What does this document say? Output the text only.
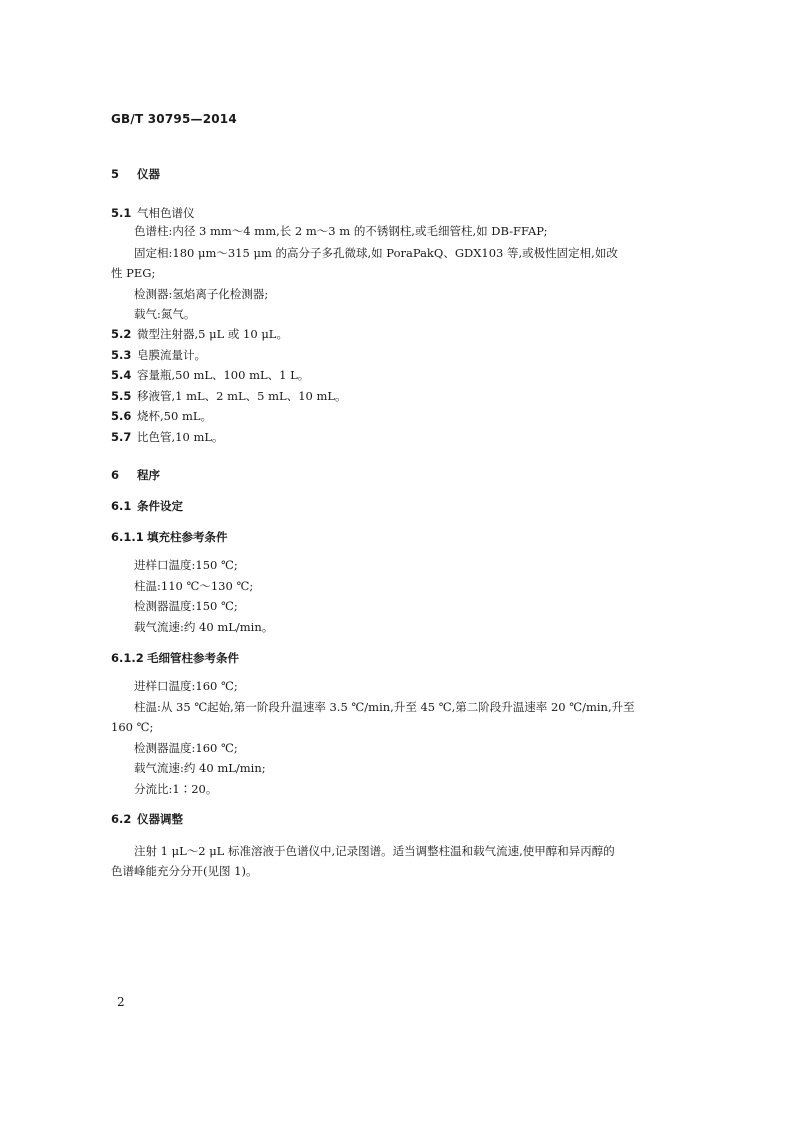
GB/T 30795—2014
5 仪器
5.1 气相色谱仪
色谱柱:内径 3 mm～4 mm,长 2 m～3 m 的不锈钢柱,或毛细管柱,如 DB-FFAP;
固定相:180 μm～315 μm 的高分子多孔微球,如 PoraPakQ、GDX103 等,或极性固定相,如改
性 PEG;
检测器:氢焰离子化检测器;
载气:氮气。
5.2 微型注射器,5 μL 或 10 μL。
5.3 皂膜流量计。
5.4 容量瓶,50 mL、100 mL、1 L。
5.5 移液管,1 mL、2 mL、5 mL、10 mL。
5.6 烧杯,50 mL。
5.7 比色管,10 mL。
6 程序
6.1 条件设定
6.1.1 填充柱参考条件
进样口温度:150 ℃;
柱温:110 ℃～130 ℃;
检测器温度:150 ℃;
载气流速:约 40 mL/min。
6.1.2 毛细管柱参考条件
进样口温度:160 ℃;
柱温:从 35 ℃起始,第一阶段升温速率 3.5 ℃/min,升至 45 ℃,第二阶段升温速率 20 ℃/min,升至
160 ℃;
检测器温度:160 ℃;
载气流速:约 40 mL/min;
分流比:1∶20。
6.2 仪器调整
注射 1 μL～2 μL 标准溶液于色谱仪中,记录图谱。适当调整柱温和载气流速,使甲醇和异丙醇的
色谱峰能充分分开(见图 1)。
2
